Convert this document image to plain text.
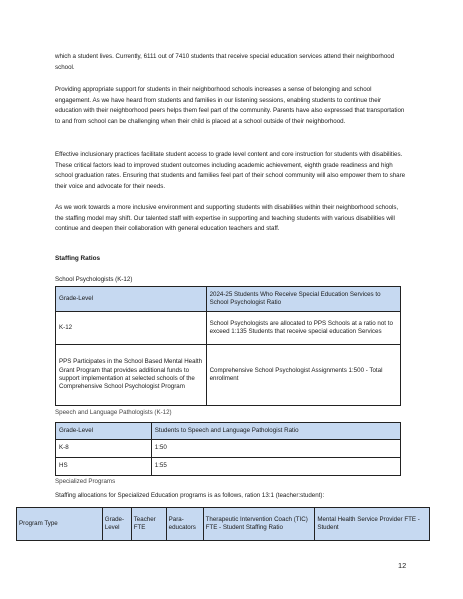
which a student lives. Currently, 6111 out of 7410 students that receive special education services attend their neighborhood school.

Providing appropriate support for students in their neighborhood schools increases a sense of belonging and school engagement. As we have heard from students and families in our listening sessions, enabling students to continue their education with their neighborhood peers helps them feel part of the community. Parents have also expressed that transportation to and from school can be challenging when their child is placed at a school outside of their neighborhood.

Effective inclusionary practices facilitate student access to grade level content and core instruction for students with disabilities. These critical factors lead to improved student outcomes including academic achievement, eighth grade readiness and high school graduation rates. Ensuring that students and families feel part of their school community will also empower them to share their voice and advocate for their needs.

As we work towards a more inclusive environment and supporting students with disabilities within their neighborhood schools, the staffing model may shift. Our talented staff with expertise in supporting and teaching students with various disabilities will continue and deepen their collaboration with general education teachers and staff.

Staffing Ratios

School Psychologists (K-12)

Grade-Level	2024-25 Students Who Receive Special Education Services to School Psychologist Ratio
K-12	School Psychologists are allocated to PPS Schools at a ratio not to exceed 1:135 Students that receive special education Services
PPS Participates in the School Based Mental Health Grant Program that provides additional funds to support implementation at selected schools of the Comprehensive School Psychologist Program	Comprehensive School Psychologist Assignments 1:500 - Total enrollment

Speech and Language Pathologists (K-12)

Grade-Level	Students to Speech and Language Pathologist Ratio
K-8	1:50
HS	1:55

Specialized Programs

Staffing allocations for Specialized Education programs is as follows, ration 13:1 (teacher:student):

Program Type	Grade-Level	Teacher FTE	Para-educators	Therapeutic Intervention Coach (TIC) FTE - Student Staffing Ratio	Mental Health Service Provider FTE - Student

12
